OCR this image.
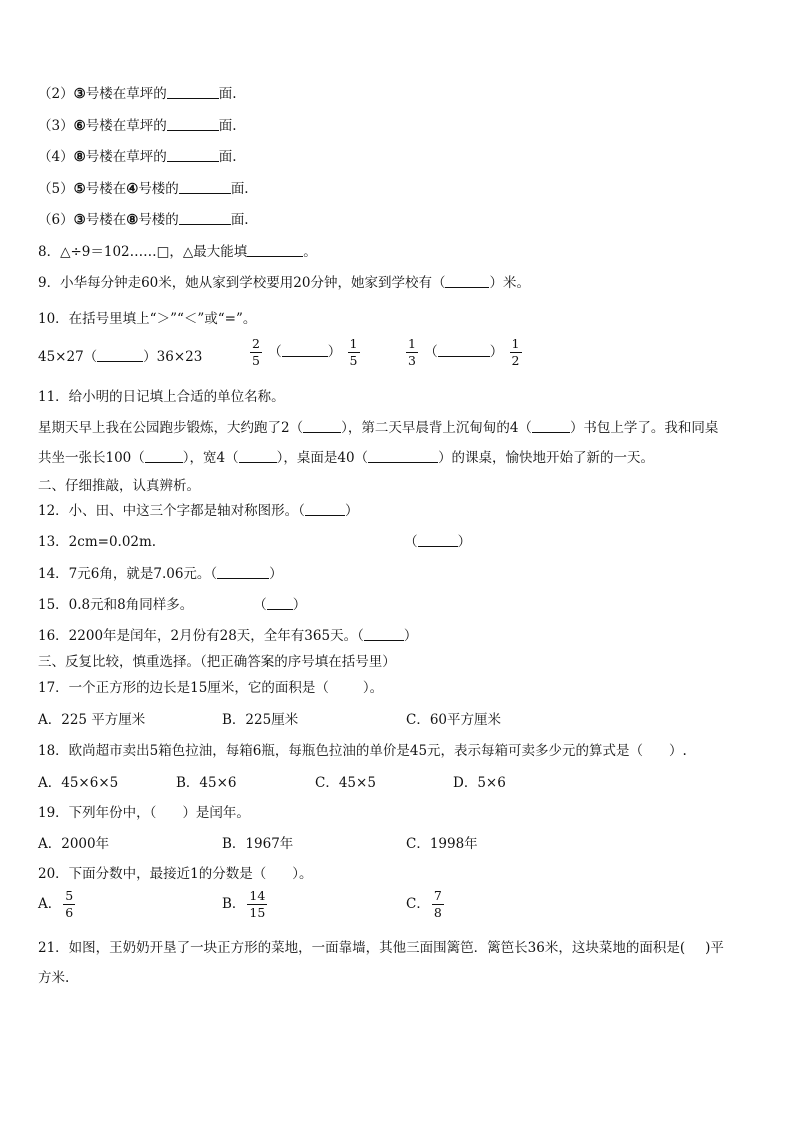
（2）③号楼在草坪的	面.
（3）⑥号楼在草坪的	面.
（4）⑧号楼在草坪的	面.
（5）⑤号楼在④号楼的	面.
（6）③号楼在⑧号楼的	面.
8．△÷9＝102……□，△最大能填	。
9．小华每分钟走60米，她从家到学校要用20分钟，她家到学校有（	）米。
10．在括号里填上“＞”“＜”或“=”。
45×27（	）36×23	$\frac{2}{5}$ （	） $\frac{1}{5}$	$\frac{1}{3}$ （	） $\frac{1}{2}$
11．给小明的日记填上合适的单位名称。
星期天早上我在公园跑步锻炼，大约跑了2（	），第二天早晨背上沉甸甸的4（	）书包上学了。我和同桌
共坐一张长100（	），宽4（	），桌面是40（	）的课桌，愉快地开始了新的一天。
二、仔细推敲，认真辨析。
12．小、田、中这三个字都是轴对称图形。（	）
13．2cm=0.02m.	（	）
14．7元6角，就是7.06元。（	）
15．0.8元和8角同样多。	（ ）
16．2200年是闰年，2月份有28天，全年有365天。（	）
三、反复比较，慎重选择。（把正确答案的序号填在括号里）
17．一个正方形的边长是15厘米，它的面积是（	）。
A．225 平方厘米	B．225厘米	C．60平方厘米
18．欧尚超市卖出5箱色拉油，每箱6瓶，每瓶色拉油的单价是45元，表示每箱可卖多少元的算式是（ ）.
A．45×6×5	B．45×6	C．45×5	D．5×6
19．下列年份中，（ ）是闰年。
A．2000年	B．1967年	C．1998年
20．下面分数中，最接近1的分数是（ ）。
A． $\frac{5}{6}$	B． $\frac{14}{15}$	C． $\frac{7}{8}$
21．如图，王奶奶开垦了一块正方形的菜地，一面靠墙，其他三面围篱笆．篱笆长36米，这块菜地的面积是( )平
方米.
